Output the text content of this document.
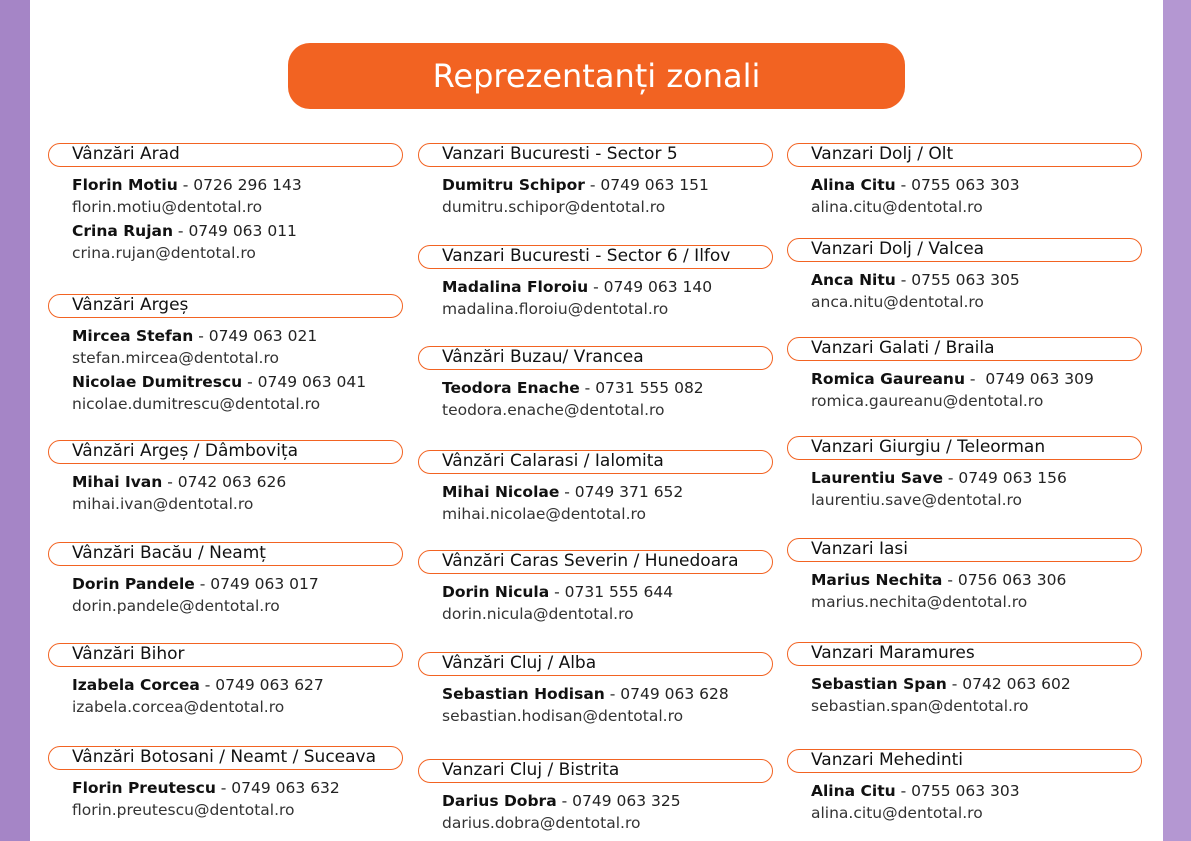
Reprezentanți zonali
Vânzări Arad
Florin Motiu - 0726 296 143
florin.motiu@dentotal.ro
Crina Rujan - 0749 063 011
crina.rujan@dentotal.ro
Vânzări Argeș
Mircea Stefan - 0749 063 021
stefan.mircea@dentotal.ro
Nicolae Dumitrescu - 0749 063 041
nicolae.dumitrescu@dentotal.ro
Vânzări Argeș / Dâmbovița
Mihai Ivan - 0742 063 626
mihai.ivan@dentotal.ro
Vânzări Bacău / Neamț
Dorin Pandele - 0749 063 017
dorin.pandele@dentotal.ro
Vânzări Bihor
Izabela Corcea - 0749 063 627
izabela.corcea@dentotal.ro
Vânzări Botosani / Neamt / Suceava
Florin Preutescu - 0749 063 632
florin.preutescu@dentotal.ro
Vanzari Bucuresti - Sector 5
Dumitru Schipor - 0749 063 151
dumitru.schipor@dentotal.ro
Vanzari Bucuresti - Sector 6 / Ilfov
Madalina Floroiu - 0749 063 140
madalina.floroiu@dentotal.ro
Vânzări Buzau/ Vrancea
Teodora Enache - 0731 555 082
teodora.enache@dentotal.ro
Vânzări Calarasi / Ialomita
Mihai Nicolae - 0749 371 652
mihai.nicolae@dentotal.ro
Vânzări Caras Severin / Hunedoara
Dorin Nicula - 0731 555 644
dorin.nicula@dentotal.ro
Vânzări Cluj / Alba
Sebastian Hodisan - 0749 063 628
sebastian.hodisan@dentotal.ro
Vanzari Cluj / Bistrita
Darius Dobra - 0749 063 325
darius.dobra@dentotal.ro
Vanzari Dolj / Olt
Alina Citu - 0755 063 303
alina.citu@dentotal.ro
Vanzari Dolj / Valcea
Anca Nitu - 0755 063 305
anca.nitu@dentotal.ro
Vanzari Galati / Braila
Romica Gaureanu -  0749 063 309
romica.gaureanu@dentotal.ro
Vanzari Giurgiu / Teleorman
Laurentiu Save - 0749 063 156
laurentiu.save@dentotal.ro
Vanzari Iasi
Marius Nechita - 0756 063 306
marius.nechita@dentotal.ro
Vanzari Maramures
Sebastian Span - 0742 063 602
sebastian.span@dentotal.ro
Vanzari Mehedinti
Alina Citu - 0755 063 303
alina.citu@dentotal.ro
